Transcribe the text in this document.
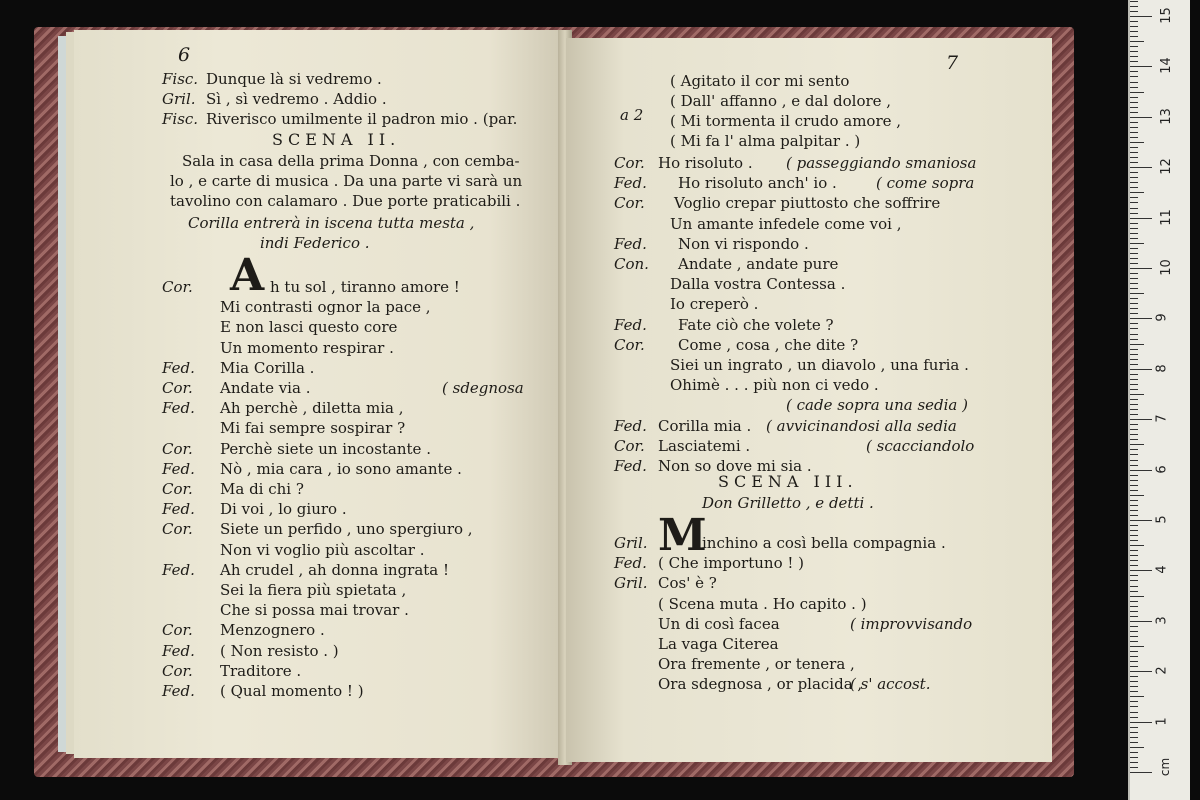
6
Fisc. Dunque là si vedremo .
Gril. Sì , sì vedremo . Addio .
Fisc. Riverisco umilmente il padron mio . (par.
SCENA II.
Sala in casa della prima Donna , con cemba-
lo , e carte di musica . Da una parte vi sarà un
tavolino con calamaro . Due porte praticabili .
Corilla entrerà in iscena tutta mesta ,
indi Federico .
A
Cor.	h tu sol , tiranno amore !
Mi contrasti ognor la pace ,
E non lasci questo core
Un momento respirar .
Fed. Mia Corilla .
Cor. Andate via .	( sdegnosa
Fed. Ah perchè , diletta mia ,
Mi fai sempre sospirar ?
Cor. Perchè siete un incostante .
Fed. Nò , mia cara , io sono amante .
Cor. Ma di chi ?
Fed. Di voi , lo giuro .
Cor. Siete un perfido , uno spergiuro ,
Non vi voglio più ascoltar .
Fed. Ah crudel , ah donna ingrata !
Sei la fiera più spietata ,
Che si possa mai trovar .
Cor. Menzognero .
Fed. ( Non resisto . )
Cor. Traditore .
Fed. ( Qual momento ! )
7
a 2
( Agitato il cor mi sento
( Dall' affanno , e dal dolore ,
( Mi tormenta il crudo amore ,
( Mi fa l' alma palpitar . )
Cor. Ho risoluto . ( passeggiando smaniosa
Fed. Ho risoluto anch' io .	( come sopra
Cor. Voglio crepar piuttosto che soffrire
Un amante infedele come voi ,
Fed. Non vi rispondo .
Con. Andate , andate pure
Dalla vostra Contessa .
Io creperò .
Fed. Fate ciò che volete ?
Cor. Come , cosa , che dite ?
Siei un ingrato , un diavolo , una furia .
Ohimè . . . più non ci vedo .
( cade sopra una sedia )
Fed. Corilla mia . ( avvicinandosi alla sedia
Cor. Lasciatemi .	( scacciandolo
Fed. Non so dove mi sia .
SCENA III.
Don Grilletto , e detti .
M
Gril.	inchino a così bella compagnia .
Fed. ( Che importuno ! )
Gril. Cos' è ?
( Scena muta . Ho capito . )
Un di così facea	( improvvisando
La vaga Citerea
Ora fremente , or tenera ,
Ora sdegnosa , or placida ,
( s' accost.
1
2
3
4
5
6
7
8
9
10
11
12
13
14
15
cm
